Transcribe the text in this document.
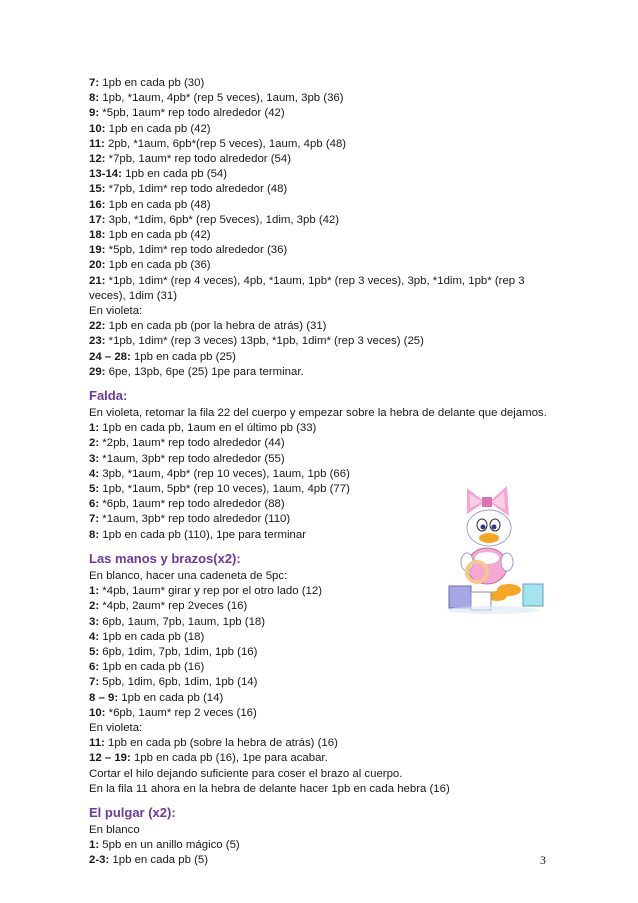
7: 1pb en cada pb (30)
8: 1pb, *1aum, 4pb* (rep 5 veces), 1aum, 3pb (36)
9: *5pb, 1aum* rep todo alrededor (42)
10: 1pb en cada pb (42)
11: 2pb, *1aum, 6pb*(rep 5 veces), 1aum, 4pb (48)
12: *7pb, 1aum* rep todo alrededor (54)
13-14: 1pb en cada pb (54)
15: *7pb, 1dim* rep todo alrededor (48)
16: 1pb en cada pb (48)
17: 3pb, *1dim, 6pb* (rep 5veces), 1dim, 3pb (42)
18: 1pb en cada pb (42)
19: *5pb, 1dim* rep todo alrededor (36)
20: 1pb en cada pb (36)
21: *1pb, 1dim* (rep 4 veces), 4pb, *1aum, 1pb* (rep 3 veces), 3pb, *1dim, 1pb* (rep 3 veces), 1dim (31)
En violeta:
22: 1pb en cada pb (por la hebra de atrás) (31)
23: *1pb, 1dim* (rep 3 veces) 13pb, *1pb, 1dim* (rep 3 veces) (25)
24 – 28: 1pb en cada pb (25)
29: 6pe, 13pb, 6pe (25) 1pe para terminar.
Falda:
En violeta, retomar la fila 22 del cuerpo y empezar sobre la hebra de delante que dejamos.
1: 1pb en cada pb, 1aum en el último pb (33)
2: *2pb, 1aum* rep todo alrededor (44)
3: *1aum, 3pb* rep todo alrededor (55)
4: 3pb, *1aum, 4pb* (rep 10 veces), 1aum, 1pb (66)
5: 1pb, *1aum, 5pb* (rep 10 veces), 1aum, 4pb (77)
6: *6pb, 1aum* rep todo alrededor (88)
7: *1aum, 3pb* rep todo alrededor (110)
8: 1pb en cada pb (110), 1pe para terminar
Las manos y brazos(x2):
En blanco, hacer una cadeneta de 5pc:
1: *4pb, 1aum* girar y rep por el otro lado (12)
2: *4pb, 2aum* rep 2veces (16)
3: 6pb, 1aum, 7pb, 1aum, 1pb (18)
4: 1pb en cada pb (18)
5: 6pb, 1dim, 7pb, 1dim, 1pb (16)
6: 1pb en cada pb (16)
7: 5pb, 1dim, 6pb, 1dim, 1pb (14)
8 – 9: 1pb en cada pb (14)
10: *6pb, 1aum* rep 2 veces (16)
En violeta:
11: 1pb en cada pb (sobre la hebra de atrás) (16)
12 – 19: 1pb en cada pb (16), 1pe para acabar.
Cortar el hilo dejando suficiente para coser el brazo al cuerpo.
En la fila 11 ahora en la hebra de delante hacer 1pb en cada hebra (16)
El pulgar (x2):
En blanco
1: 5pb en un anillo mágico (5)
2-3: 1pb en cada pb (5)	3
